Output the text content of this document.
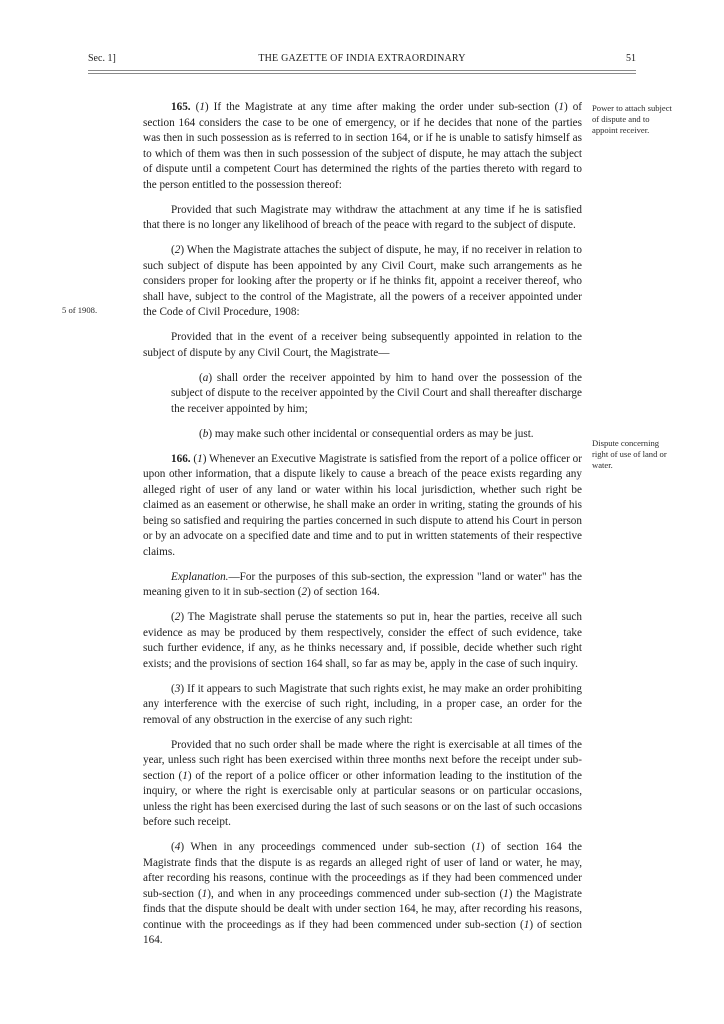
Sec. 1]	THE GAZETTE OF INDIA EXTRAORDINARY	51
Power to attach subject of dispute and to appoint receiver.
Dispute concerning right of use of land or water.
5 of 1908.

165. (1) If the Magistrate at any time after making the order under sub-section (1) of section 164 considers the case to be one of emergency, or if he decides that none of the parties was then in such possession as is referred to in section 164, or if he is unable to satisfy himself as to which of them was then in such possession of the subject of dispute, he may attach the subject of dispute until a competent Court has determined the rights of the parties thereto with regard to the person entitled to the possession thereof:

Provided that such Magistrate may withdraw the attachment at any time if he is satisfied that there is no longer any likelihood of breach of the peace with regard to the subject of dispute.

(2) When the Magistrate attaches the subject of dispute, he may, if no receiver in relation to such subject of dispute has been appointed by any Civil Court, make such arrangements as he considers proper for looking after the property or if he thinks fit, appoint a receiver thereof, who shall have, subject to the control of the Magistrate, all the powers of a receiver appointed under the Code of Civil Procedure, 1908:

Provided that in the event of a receiver being subsequently appointed in relation to the subject of dispute by any Civil Court, the Magistrate—

(a) shall order the receiver appointed by him to hand over the possession of the subject of dispute to the receiver appointed by the Civil Court and shall thereafter discharge the receiver appointed by him;

(b) may make such other incidental or consequential orders as may be just.

166. (1) Whenever an Executive Magistrate is satisfied from the report of a police officer or upon other information, that a dispute likely to cause a breach of the peace exists regarding any alleged right of user of any land or water within his local jurisdiction, whether such right be claimed as an easement or otherwise, he shall make an order in writing, stating the grounds of his being so satisfied and requiring the parties concerned in such dispute to attend his Court in person or by an advocate on a specified date and time and to put in written statements of their respective claims.

Explanation.—For the purposes of this sub-section, the expression "land or water" has the meaning given to it in sub-section (2) of section 164.

(2) The Magistrate shall peruse the statements so put in, hear the parties, receive all such evidence as may be produced by them respectively, consider the effect of such evidence, take such further evidence, if any, as he thinks necessary and, if possible, decide whether such right exists; and the provisions of section 164 shall, so far as may be, apply in the case of such inquiry.

(3) If it appears to such Magistrate that such rights exist, he may make an order prohibiting any interference with the exercise of such right, including, in a proper case, an order for the removal of any obstruction in the exercise of any such right:

Provided that no such order shall be made where the right is exercisable at all times of the year, unless such right has been exercised within three months next before the receipt under sub-section (1) of the report of a police officer or other information leading to the institution of the inquiry, or where the right is exercisable only at particular seasons or on particular occasions, unless the right has been exercised during the last of such seasons or on the last of such occasions before such receipt.

(4) When in any proceedings commenced under sub-section (1) of section 164 the Magistrate finds that the dispute is as regards an alleged right of user of land or water, he may, after recording his reasons, continue with the proceedings as if they had been commenced under sub-section (1), and when in any proceedings commenced under sub-section (1) the Magistrate finds that the dispute should be dealt with under section 164, he may, after recording his reasons, continue with the proceedings as if they had been commenced under sub-section (1) of section 164.
